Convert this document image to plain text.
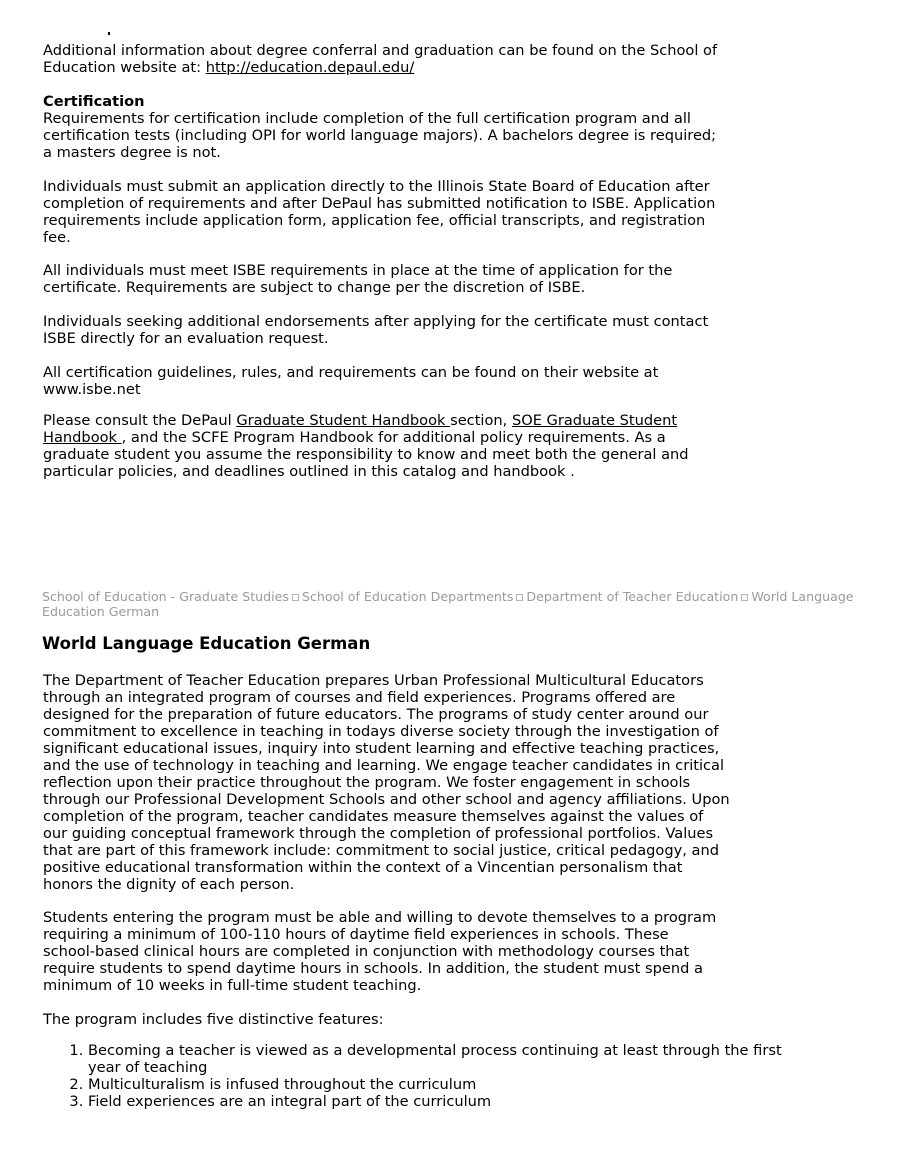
Additional information about degree conferral and graduation can be found on the School of
Education website at: http://education.depaul.edu/

Certification

Requirements for certification include completion of the full certification program and all
certification tests (including OPI for world language majors). A bachelors degree is required;
a masters degree is not.

Individuals must submit an application directly to the Illinois State Board of Education after
completion of requirements and after DePaul has submitted notification to ISBE. Application
requirements include application form, application fee, official transcripts, and registration
fee.

All individuals must meet ISBE requirements in place at the time of application for the
certificate. Requirements are subject to change per the discretion of ISBE.

Individuals seeking additional endorsements after applying for the certificate must contact
ISBE directly for an evaluation request.

All certification guidelines, rules, and requirements can be found on their website at
www.isbe.net

Please consult the DePaul Graduate Student Handbook section, SOE Graduate Student
Handbook , and the SCFE Program Handbook for additional policy requirements. As a
graduate student you assume the responsibility to know and meet both the general and
particular policies, and deadlines outlined in this catalog and handbook .

School of Education - Graduate Studies School of Education Departments Department of Teacher Education World Language Education German
World Language Education German

The Department of Teacher Education prepares Urban Professional Multicultural Educators
through an integrated program of courses and field experiences. Programs offered are
designed for the preparation of future educators. The programs of study center around our
commitment to excellence in teaching in todays diverse society through the investigation of
significant educational issues, inquiry into student learning and effective teaching practices,
and the use of technology in teaching and learning. We engage teacher candidates in critical
reflection upon their practice throughout the program. We foster engagement in schools
through our Professional Development Schools and other school and agency affiliations. Upon
completion of the program, teacher candidates measure themselves against the values of
our guiding conceptual framework through the completion of professional portfolios. Values
that are part of this framework include: commitment to social justice, critical pedagogy, and
positive educational transformation within the context of a Vincentian personalism that
honors the dignity of each person.

Students entering the program must be able and willing to devote themselves to a program
requiring a minimum of 100-110 hours of daytime field experiences in schools. These
school-based clinical hours are completed in conjunction with methodology courses that
require students to spend daytime hours in schools. In addition, the student must spend a
minimum of 10 weeks in full-time student teaching.

The program includes five distinctive features:

1. Becoming a teacher is viewed as a developmental process continuing at least through the first year of teaching
2. Multiculturalism is infused throughout the curriculum
3. Field experiences are an integral part of the curriculum
